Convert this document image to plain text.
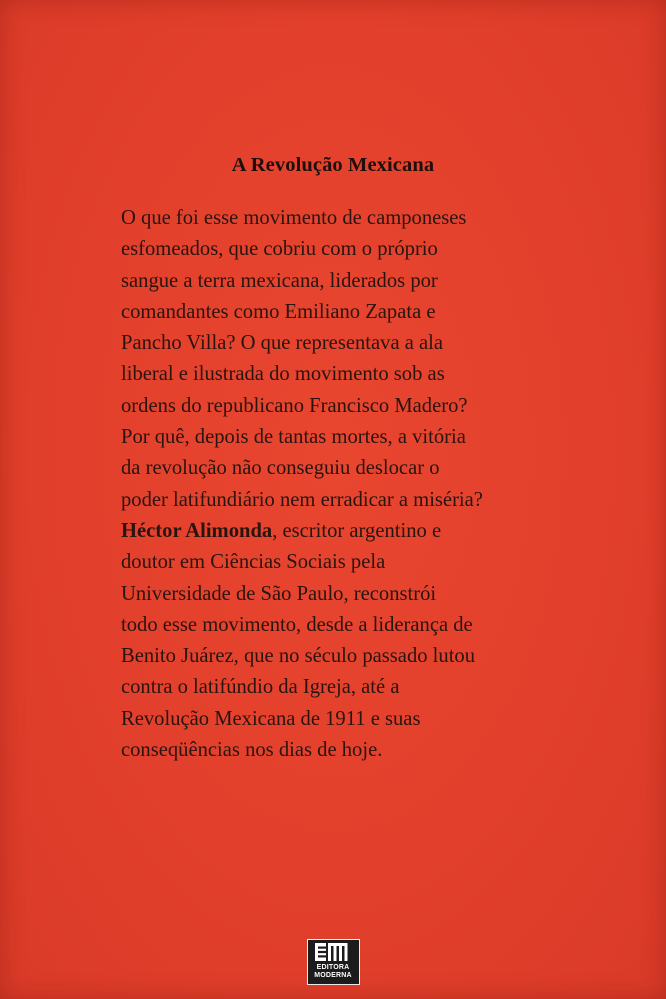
A Revolução Mexicana
O que foi esse movimento de camponeses
esfomeados, que cobriu com o próprio
sangue a terra mexicana, liderados por
comandantes como Emiliano Zapata e
Pancho Villa? O que representava a ala
liberal e ilustrada do movimento sob as
ordens do republicano Francisco Madero?
Por quê, depois de tantas mortes, a vitória
da revolução não conseguiu deslocar o
poder latifundiário nem erradicar a miséria?
Héctor Alimonda, escritor argentino e
doutor em Ciências Sociais pela
Universidade de São Paulo, reconstrói
todo esse movimento, desde a liderança de
Benito Juárez, que no século passado lutou
contra o latifúndio da Igreja, até a
Revolução Mexicana de 1911 e suas
conseqüências nos dias de hoje.
EDITORA
MODERNA
